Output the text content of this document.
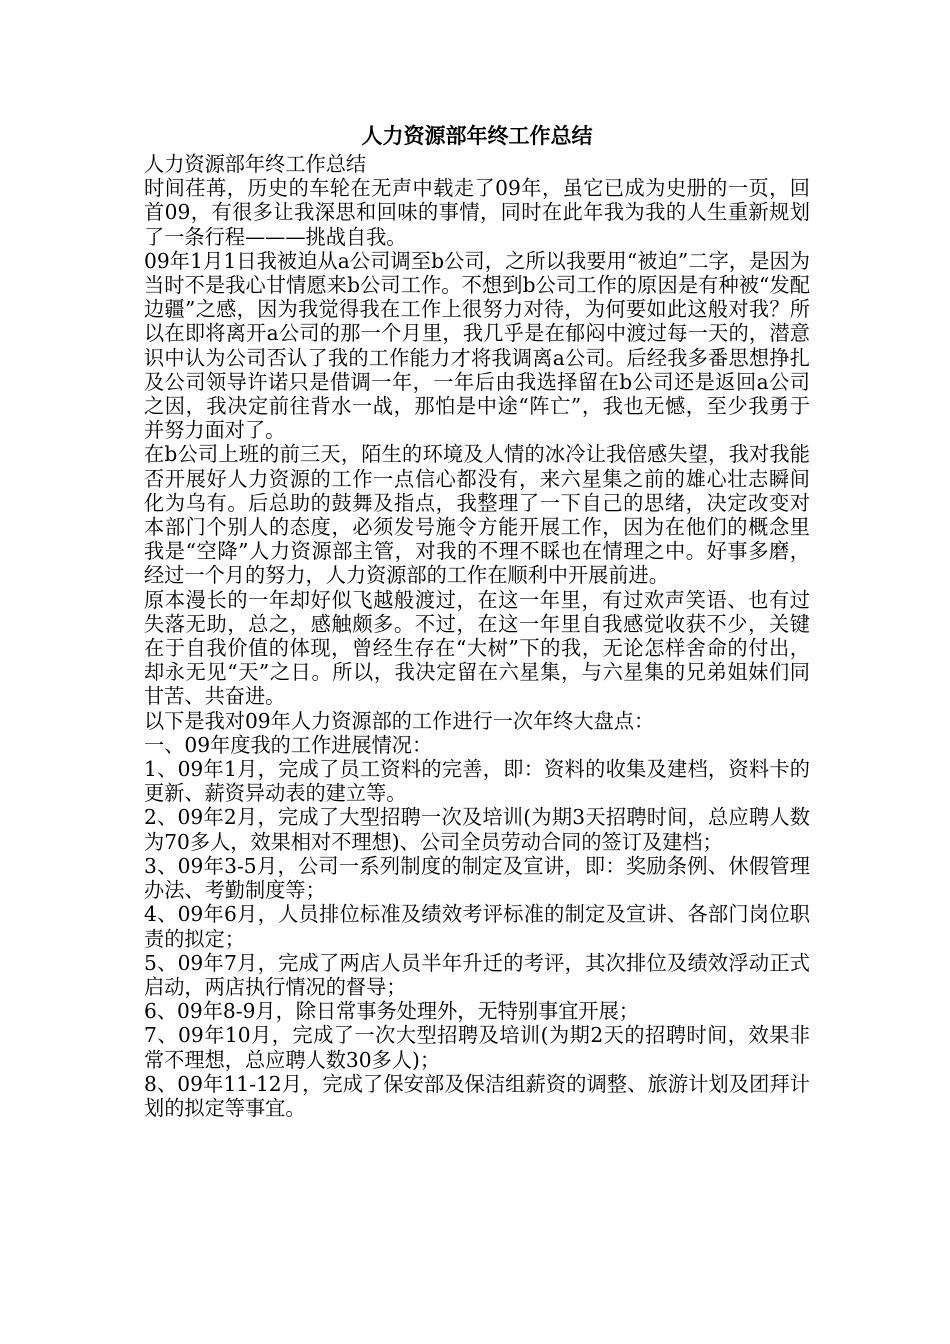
人力资源部年终工作总结

人力资源部年终工作总结

时间荏苒，历史的车轮在无声中载走了09年，虽它已成为史册的一页，回首09，有很多让我深思和回味的事情，同时在此年我为我的人生重新规划了一条行程———挑战自我。

09年1月1日我被迫从a公司调至b公司，之所以我要用“被迫”二字，是因为当时不是我心甘情愿来b公司工作。不想到b公司工作的原因是有种被“发配边疆”之感，因为我觉得我在工作上很努力对待，为何要如此这般对我？所以在即将离开a公司的那一个月里，我几乎是在郁闷中渡过每一天的，潜意识中认为公司否认了我的工作能力才将我调离a公司。后经我多番思想挣扎及公司领导许诺只是借调一年，一年后由我选择留在b公司还是返回a公司之因，我决定前往背水一战，那怕是中途“阵亡”，我也无憾，至少我勇于并努力面对了。

在b公司上班的前三天，陌生的环境及人情的冰冷让我倍感失望，我对我能否开展好人力资源的工作一点信心都没有，来六星集之前的雄心壮志瞬间化为乌有。后总助的鼓舞及指点，我整理了一下自己的思绪，决定改变对本部门个别人的态度，必须发号施令方能开展工作，因为在他们的概念里我是“空降”人力资源部主管，对我的不理不睬也在情理之中。好事多磨，经过一个月的努力，人力资源部的工作在顺利中开展前进。

原本漫长的一年却好似飞越般渡过，在这一年里，有过欢声笑语、也有过失落无助，总之，感触颇多。不过，在这一年里自我感觉收获不少，关键在于自我价值的体现，曾经生存在“大树”下的我，无论怎样舍命的付出，却永无见“天”之日。所以，我决定留在六星集，与六星集的兄弟姐妹们同甘苦、共奋进。

以下是我对09年人力资源部的工作进行一次年终大盘点：

一、09年度我的工作进展情况：

1、09年1月，完成了员工资料的完善，即：资料的收集及建档，资料卡的更新、薪资异动表的建立等。

2、09年2月，完成了大型招聘一次及培训(为期3天招聘时间，总应聘人数为70多人，效果相对不理想)、公司全员劳动合同的签订及建档；

3、09年3-5月，公司一系列制度的制定及宣讲，即：奖励条例、休假管理办法、考勤制度等；

4、09年6月，人员排位标准及绩效考评标准的制定及宣讲、各部门岗位职责的拟定；

5、09年7月，完成了两店人员半年升迁的考评，其次排位及绩效浮动正式启动，两店执行情况的督导；

6、09年8-9月，除日常事务处理外，无特别事宜开展；

7、09年10月，完成了一次大型招聘及培训(为期2天的招聘时间，效果非常不理想，总应聘人数30多人)；

8、09年11-12月，完成了保安部及保洁组薪资的调整、旅游计划及团拜计划的拟定等事宜。
